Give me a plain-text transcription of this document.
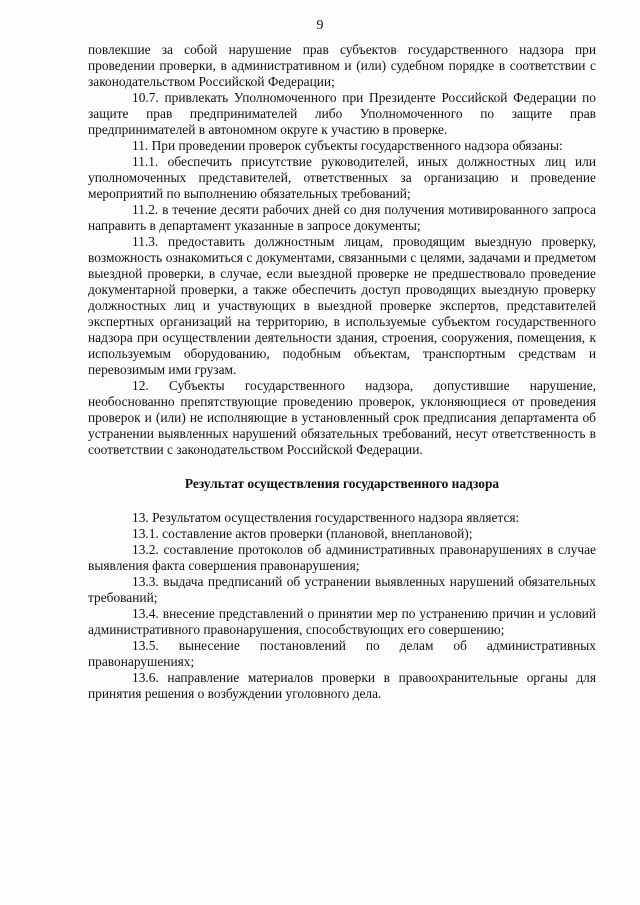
9

повлекшие за собой нарушение прав субъектов государственного надзора при проведении проверки, в административном и (или) судебном порядке в соответствии с законодательством Российской Федерации;

10.7. привлекать Уполномоченного при Президенте Российской Федерации по защите прав предпринимателей либо Уполномоченного по защите прав предпринимателей в автономном округе к участию в проверке.

11. При проведении проверок субъекты государственного надзора обязаны:

11.1. обеспечить присутствие руководителей, иных должностных лиц или уполномоченных представителей, ответственных за организацию и проведение мероприятий по выполнению обязательных требований;

11.2. в течение десяти рабочих дней со дня получения мотивированного запроса направить в департамент указанные в запросе документы;

11.3. предоставить должностным лицам, проводящим выездную проверку, возможность ознакомиться с документами, связанными с целями, задачами и предметом выездной проверки, в случае, если выездной проверке не предшествовало проведение документарной проверки, а также обеспечить доступ проводящих выездную проверку должностных лиц и участвующих в выездной проверке экспертов, представителей экспертных организаций на территорию, в используемые субъектом государственного надзора при осуществлении деятельности здания, строения, сооружения, помещения, к используемым оборудованию, подобным объектам, транспортным средствам и перевозимым ими грузам.

12. Субъекты государственного надзора, допустившие нарушение, необоснованно препятствующие проведению проверок, уклоняющиеся от проведения проверок и (или) не исполняющие в установленный срок предписания департамента об устранении выявленных нарушений обязательных требований, несут ответственность в соответствии с законодательством Российской Федерации.

Результат осуществления государственного надзора

13. Результатом осуществления государственного надзора является:

13.1. составление актов проверки (плановой, внеплановой);

13.2. составление протоколов об административных правонарушениях в случае выявления факта совершения правонарушения;

13.3. выдача предписаний об устранении выявленных нарушений обязательных требований;

13.4. внесение представлений о принятии мер по устранению причин и условий административного правонарушения, способствующих его совершению;

13.5. вынесение постановлений по делам об административных правонарушениях;

13.6. направление материалов проверки в правоохранительные органы для принятия решения о возбуждении уголовного дела.
